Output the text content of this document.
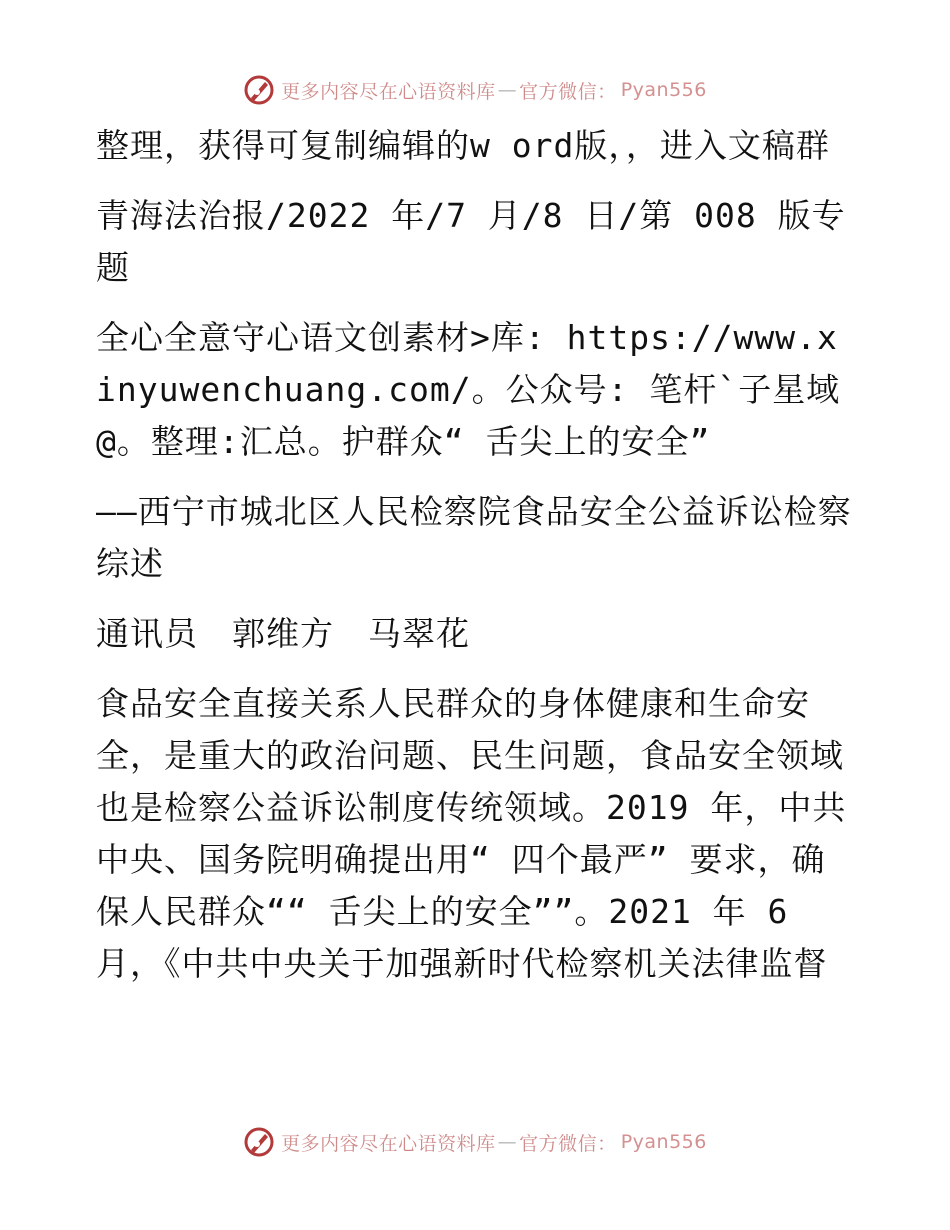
更多内容尽在心语资料库 — 官方微信： Pyan556

整理，获得可复制编辑的w ord版，，进入文稿群

青海法治报/2022 年/7 月/8 日/第 008 版专题

全心全意守心语文创素材>库: https://www.xinyuwenchuang.com/。公众号: 笔杆`子星域@。整理:汇总。护群众“ 舌尖上的安全”

——西宁市城北区人民检察院食品安全公益诉讼检察综述

通讯员　郭维方　马翠花

食品安全直接关系人民群众的身体健康和生命安全，是重大的政治问题、民生问题，食品安全领域也是检察公益诉讼制度传统领域。2019 年，中共中央、国务院明确提出用“ 四个最严” 要求，确保人民群众““ 舌尖上的安全””。2021 年 6月，《中共中央关于加强新时代检察机关法律监督

更多内容尽在心语资料库 — 官方微信： Pyan556
